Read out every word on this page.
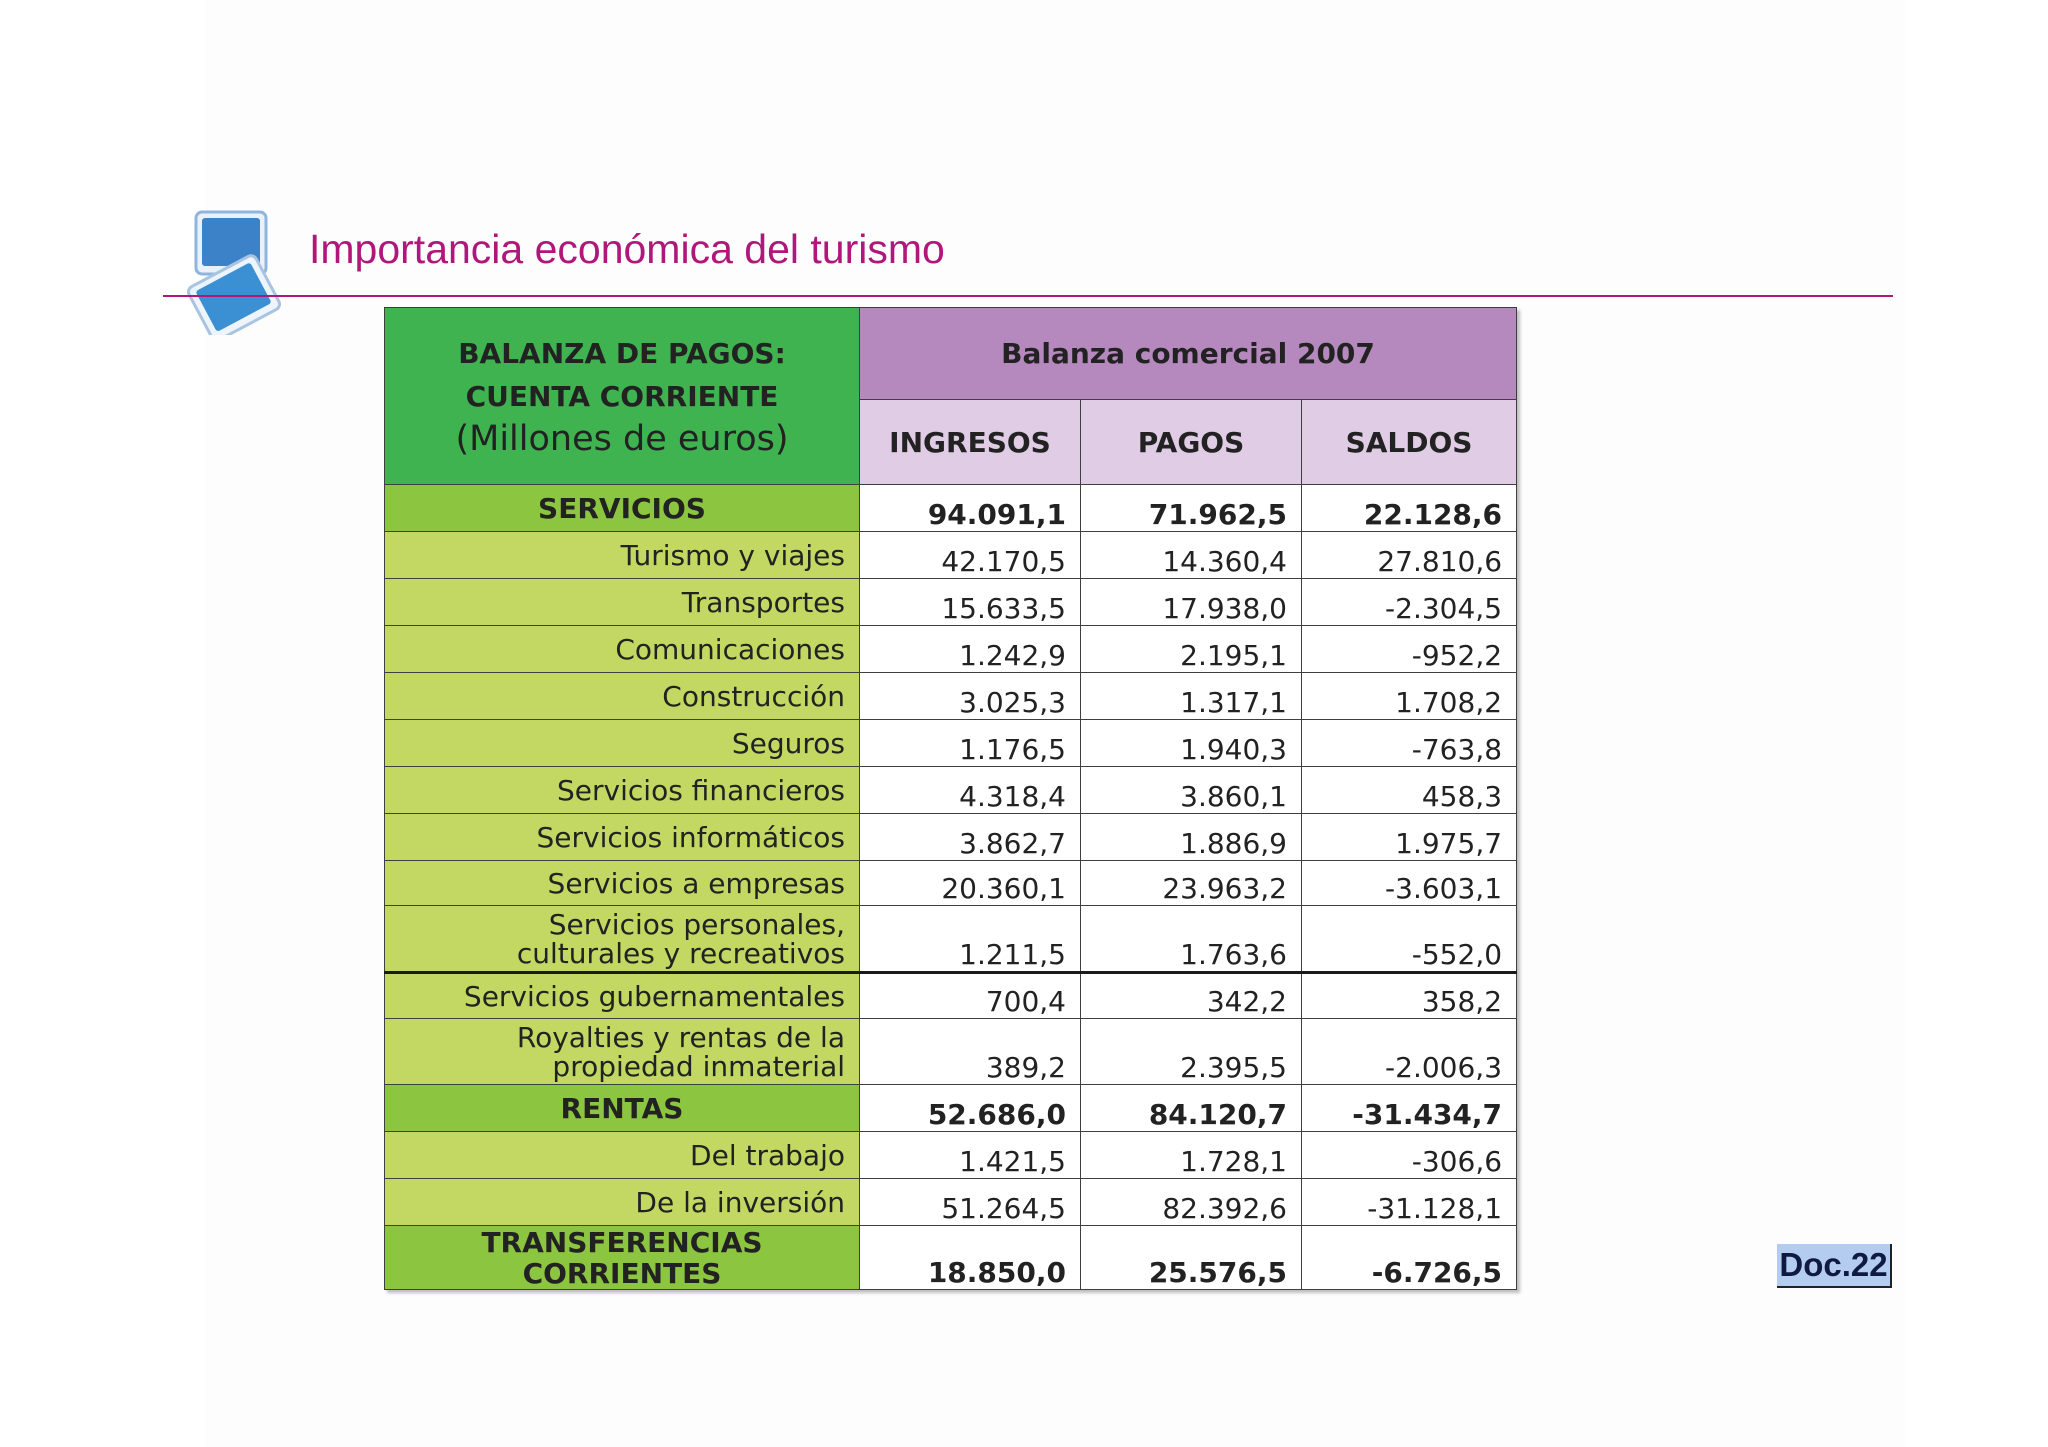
Importancia económica del turismo
BALANZA DE PAGOS:
CUENTA CORRIENTE
(Millones de euros)	Balanza comercial 2007		
	INGRESOS	PAGOS	SALDOS
SERVICIOS	94.091,1	71.962,5	22.128,6
Turismo y viajes	42.170,5	14.360,4	27.810,6
Transportes	15.633,5	17.938,0	-2.304,5
Comunicaciones	1.242,9	2.195,1	-952,2
Construcción	3.025,3	1.317,1	1.708,2
Seguros	1.176,5	1.940,3	-763,8
Servicios financieros	4.318,4	3.860,1	458,3
Servicios informáticos	3.862,7	1.886,9	1.975,7
Servicios a empresas	20.360,1	23.963,2	-3.603,1
Servicios personales,
culturales y recreativos	1.211,5	1.763,6	-552,0
Servicios gubernamentales	700,4	342,2	358,2
Royalties y rentas de la
propiedad inmaterial	389,2	2.395,5	-2.006,3
RENTAS	52.686,0	84.120,7	-31.434,7
Del trabajo	1.421,5	1.728,1	-306,6
De la inversión	51.264,5	82.392,6	-31.128,1
TRANSFERENCIAS
CORRIENTES	18.850,0	25.576,5	-6.726,5	Doc.22
